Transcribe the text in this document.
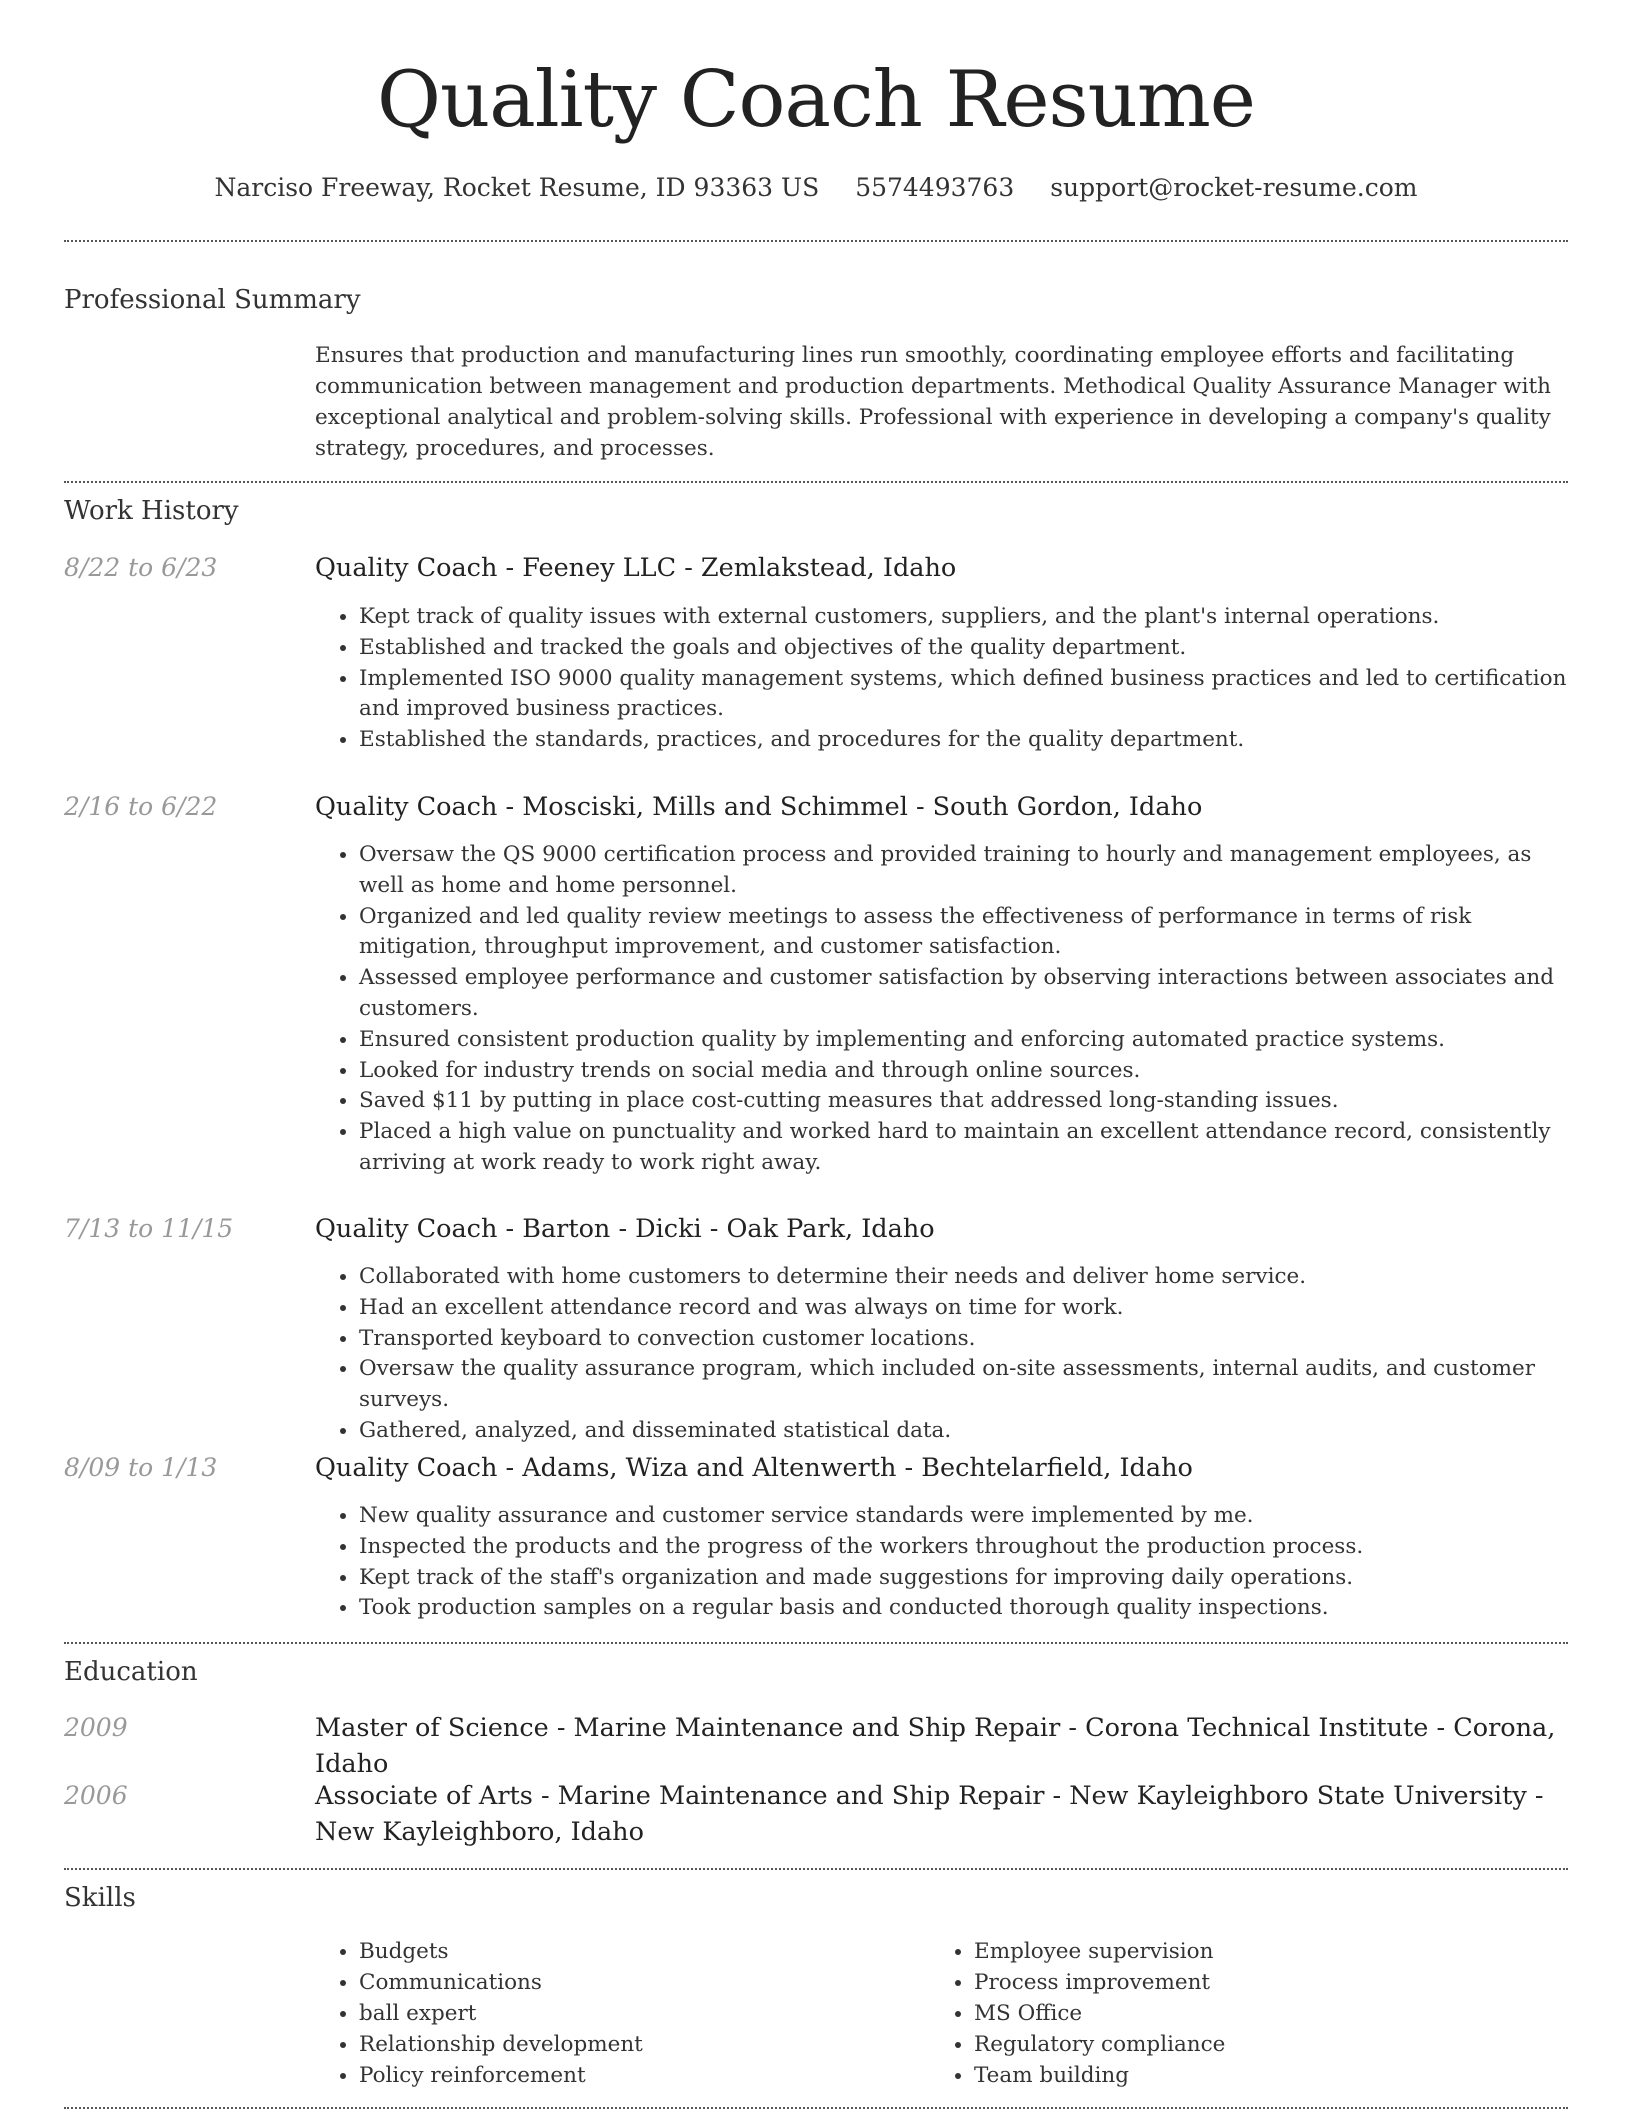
Quality Coach Resume
Narciso Freeway, Rocket Resume, ID 93363 US 5574493763 support@rocket-resume.com
Professional Summary
Ensures that production and manufacturing lines run smoothly, coordinating employee efforts and facilitating communication between management and production departments. Methodical Quality Assurance Manager with exceptional analytical and problem-solving skills. Professional with experience in developing a company's quality strategy, procedures, and processes.
Work History
8/22 to 6/23	Quality Coach - Feeney LLC - Zemlakstead, Idaho
• Kept track of quality issues with external customers, suppliers, and the plant's internal operations.
• Established and tracked the goals and objectives of the quality department.
• Implemented ISO 9000 quality management systems, which defined business practices and led to certification and improved business practices.
• Established the standards, practices, and procedures for the quality department.
2/16 to 6/22	Quality Coach - Mosciski, Mills and Schimmel - South Gordon, Idaho
• Oversaw the QS 9000 certification process and provided training to hourly and management employees, as well as home and home personnel.
• Organized and led quality review meetings to assess the effectiveness of performance in terms of risk mitigation, throughput improvement, and customer satisfaction.
• Assessed employee performance and customer satisfaction by observing interactions between associates and customers.
• Ensured consistent production quality by implementing and enforcing automated practice systems.
• Looked for industry trends on social media and through online sources.
• Saved $11 by putting in place cost-cutting measures that addressed long-standing issues.
• Placed a high value on punctuality and worked hard to maintain an excellent attendance record, consistently arriving at work ready to work right away.
7/13 to 11/15	Quality Coach - Barton - Dicki - Oak Park, Idaho
• Collaborated with home customers to determine their needs and deliver home service.
• Had an excellent attendance record and was always on time for work.
• Transported keyboard to convection customer locations.
• Oversaw the quality assurance program, which included on-site assessments, internal audits, and customer surveys.
• Gathered, analyzed, and disseminated statistical data.
8/09 to 1/13	Quality Coach - Adams, Wiza and Altenwerth - Bechtelarfield, Idaho
• New quality assurance and customer service standards were implemented by me.
• Inspected the products and the progress of the workers throughout the production process.
• Kept track of the staff's organization and made suggestions for improving daily operations.
• Took production samples on a regular basis and conducted thorough quality inspections.
Education
2009	Master of Science - Marine Maintenance and Ship Repair - Corona Technical Institute - Corona, Idaho
2006	Associate of Arts - Marine Maintenance and Ship Repair - New Kayleighboro State University - New Kayleighboro, Idaho
Skills
• Budgets
• Communications
• ball expert
• Relationship development
• Policy reinforcement
• Employee supervision
• Process improvement
• MS Office
• Regulatory compliance
• Team building
